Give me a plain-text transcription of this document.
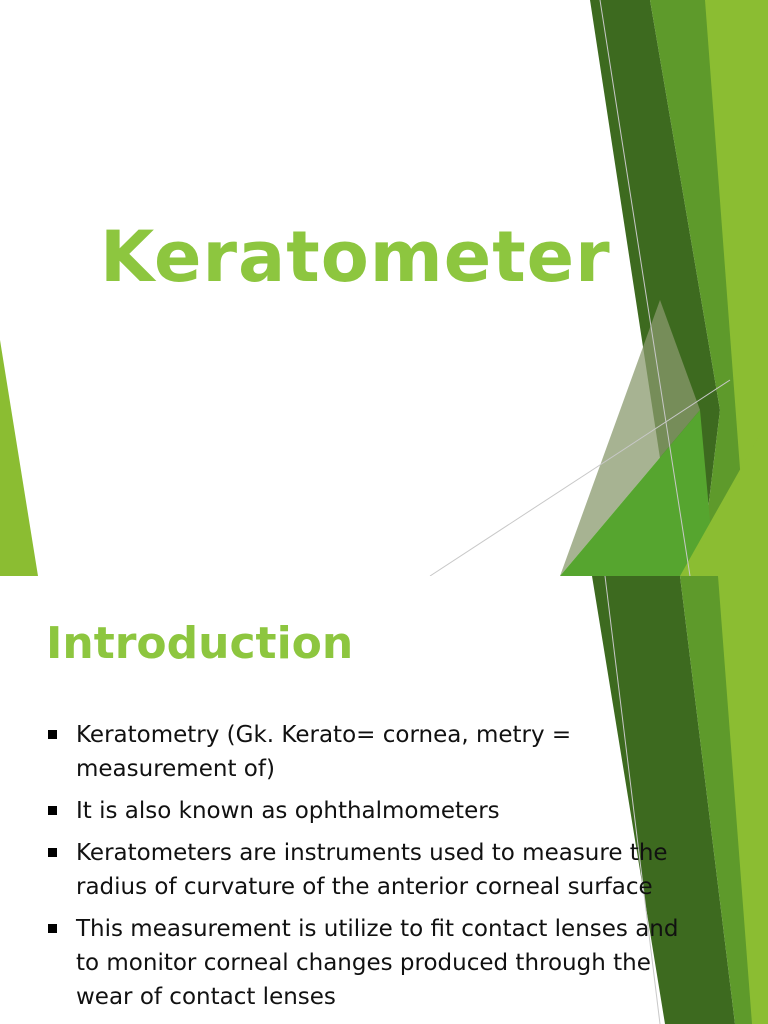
Keratometer
Introduction
Keratometry (Gk. Kerato= cornea, metry = measurement of)
It is also known as ophthalmometers
Keratometers are instruments used to measure the radius of curvature of the anterior corneal surface
This measurement is utilize to fit contact lenses and to monitor corneal changes produced through the wear of contact lenses
